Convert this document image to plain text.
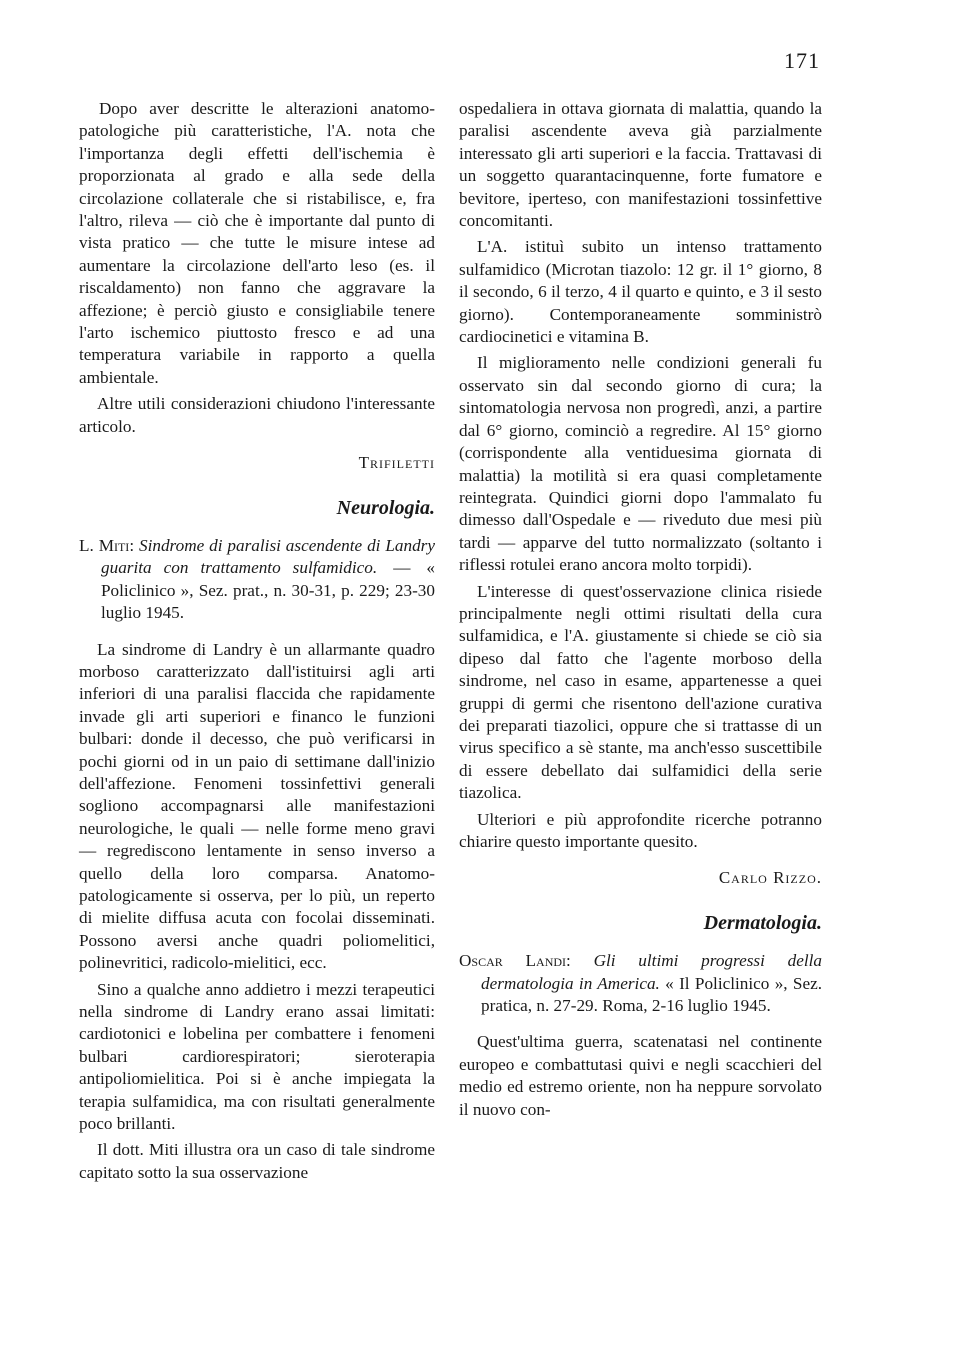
171

Dopo aver descritte le alterazioni anatomo-patologiche più caratteristiche, l'A. nota che l'importanza degli effetti dell'ischemia è proporzionata al grado e alla sede della circolazione collaterale che si ristabilisce, e, fra l'altro, rileva — ciò che è importante dal punto di vista pratico — che tutte le misure intese ad aumentare la circolazione dell'arto leso (es. il riscaldamento) non fanno che aggravare la affezione; è perciò giusto e consigliabile tenere l'arto ischemico piuttosto fresco e ad una temperatura variabile in rapporto a quella ambientale.

Altre utili considerazioni chiudono l'interessante articolo.

Trifiletti
Neurologia.
L. Miti: Sindrome di paralisi ascendente di Landry guarita con trattamento sulfamidico. — « Policlinico », Sez. prat., n. 30-31, p. 229; 23-30 luglio 1945.

La sindrome di Landry è un allarmante quadro morboso caratterizzato dall'istituirsi agli arti inferiori di una paralisi flaccida che rapidamente invade gli arti superiori e financo le funzioni bulbari: donde il decesso, che può verificarsi in pochi giorni od in un paio di settimane dall'inizio dell'affezione. Fenomeni tossinfettivi generali sogliono accompagnarsi alle manifestazioni neurologiche, le quali — nelle forme meno gravi — regrediscono lentamente in senso inverso a quello della loro comparsa. Anatomo-patologicamente si osserva, per lo più, un reperto di mielite diffusa acuta con focolai disseminati. Possono aversi anche quadri poliomelitici, polinevritici, radicolo-mielitici, ecc.

Sino a qualche anno addietro i mezzi terapeutici nella sindrome di Landry erano assai limitati: cardiotonici e lobelina per combattere i fenomeni bulbari cardiorespiratori; sieroterapia antipoliomielitica. Poi si è anche impiegata la terapia sulfamidica, ma con risultati generalmente poco brillanti.

Il dott. Miti illustra ora un caso di tale sindrome capitato sotto la sua osservazione

ospedaliera in ottava giornata di malattia, quando la paralisi ascendente aveva già parzialmente interessato gli arti superiori e la faccia. Trattavasi di un soggetto quarantacinquenne, forte fumatore e bevitore, iperteso, con manifestazioni tossinfettive concomitanti.

L'A. istituì subito un intenso trattamento sulfamidico (Microtan tiazolo: 12 gr. il 1° giorno, 8 il secondo, 6 il terzo, 4 il quarto e quinto, e 3 il sesto giorno). Contemporaneamente somministrò cardiocinetici e vitamina B.

Il miglioramento nelle condizioni generali fu osservato sin dal secondo giorno di cura; la sintomatologia nervosa non progredì, anzi, a partire dal 6° giorno, cominciò a regredire. Al 15° giorno (corrispondente alla ventiduesima giornata di malattia) la motilità si era quasi completamente reintegrata. Quindici giorni dopo l'ammalato fu dimesso dall'Ospedale e — riveduto due mesi più tardi — apparve del tutto normalizzato (soltanto i riflessi rotulei erano ancora molto torpidi).

L'interesse di quest'osservazione clinica risiede principalmente negli ottimi risultati della cura sulfamidica, e l'A. giustamente si chiede se ciò sia dipeso dal fatto che l'agente morboso della sindrome, nel caso in esame, appartenesse a quei gruppi di germi che risentono dell'azione curativa dei preparati tiazolici, oppure che si trattasse di un virus specifico a sè stante, ma anch'esso suscettibile di essere debellato dai sulfamidici della serie tiazolica.

Ulteriori e più approfondite ricerche potranno chiarire questo importante quesito.

Carlo Rizzo.
Dermatologia.
Oscar Landi: Gli ultimi progressi della dermatologia in America. « Il Policlinico », Sez. pratica, n. 27-29. Roma, 2-16 luglio 1945.

Quest'ultima guerra, scatenatasi nel continente europeo e combattutasi quivi e negli scacchieri del medio ed estremo oriente, non ha neppure sorvolato il nuovo con-
